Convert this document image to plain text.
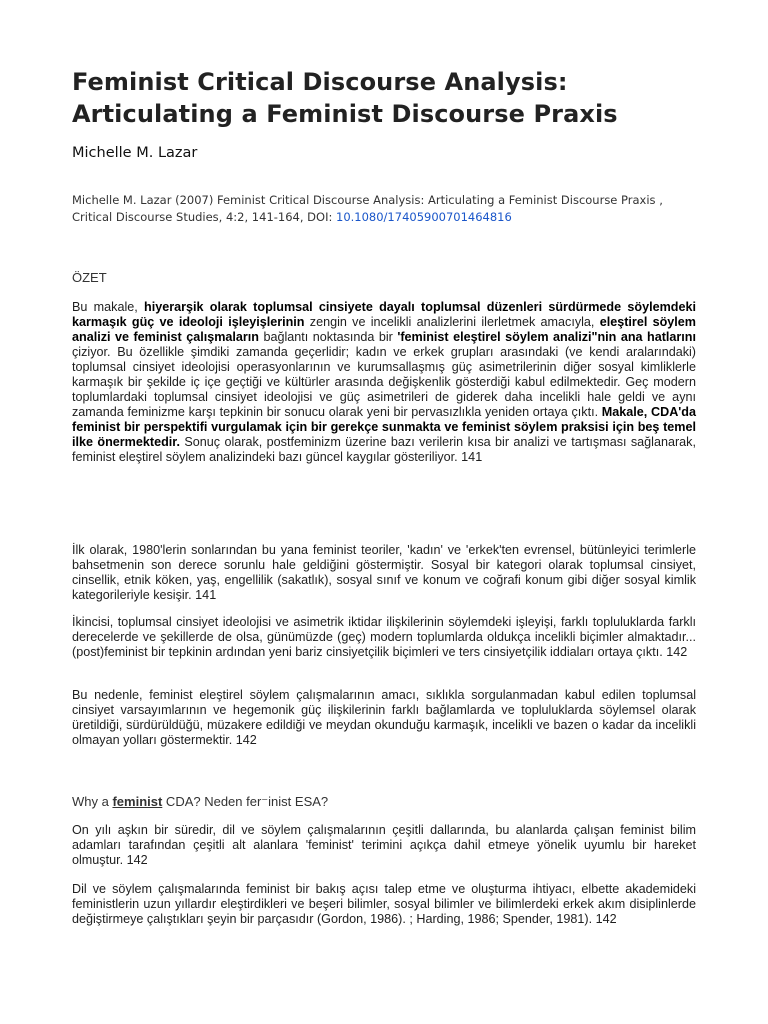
Feminist Critical Discourse Analysis: Articulating a Feminist Discourse Praxis
Michelle M. Lazar
Michelle M. Lazar (2007) Feminist Critical Discourse Analysis: Articulating a Feminist Discourse Praxis , Critical Discourse Studies, 4:2, 141-164, DOI: 10.1080/17405900701464816
ÖZET

Bu makale, hiyerarşik olarak toplumsal cinsiyete dayalı toplumsal düzenleri sürdürmede söylemdeki karmaşık güç ve ideoloji işleyişlerinin zengin ve incelikli analizlerini ilerletmek amacıyla, eleştirel söylem analizi ve feminist çalışmaların bağlantı noktasında bir 'feminist eleştirel söylem analizi"nin ana hatlarını çiziyor. Bu özellikle şimdiki zamanda geçerlidir; kadın ve erkek grupları arasındaki (ve kendi aralarındaki) toplumsal cinsiyet ideolojisi operasyonlarının ve kurumsallaşmış güç asimetrilerinin diğer sosyal kimliklerle karmaşık bir şekilde iç içe geçtiği ve kültürler arasında değişkenlik gösterdiği kabul edilmektedir. Geç modern toplumlardaki toplumsal cinsiyet ideolojisi ve güç asimetrileri de giderek daha incelikli hale geldi ve aynı zamanda feminizme karşı tepkinin bir sonucu olarak yeni bir pervasızlıkla yeniden ortaya çıktı. Makale, CDA'da feminist bir perspektifi vurgulamak için bir gerekçe sunmakta ve feminist söylem praksisi için beş temel ilke önermektedir. Sonuç olarak, postfeminizm üzerine bazı verilerin kısa bir analizi ve tartışması sağlanarak, feminist eleştirel söylem analizindeki bazı güncel kaygılar gösteriliyor. 141

İlk olarak, 1980'lerin sonlarından bu yana feminist teoriler, 'kadın' ve 'erkek'ten evrensel, bütünleyici terimlerle bahsetmenin son derece sorunlu hale geldiğini göstermiştir. Sosyal bir kategori olarak toplumsal cinsiyet, cinsellik, etnik köken, yaş, engellilik (sakatlık), sosyal sınıf ve konum ve coğrafi konum gibi diğer sosyal kimlik kategorileriyle kesişir. 141

İkincisi, toplumsal cinsiyet ideolojisi ve asimetrik iktidar ilişkilerinin söylemdeki işleyişi, farklı topluluklarda farklı derecelerde ve şekillerde de olsa, günümüzde (geç) modern toplumlarda oldukça incelikli biçimler almaktadır... (post)feminist bir tepkinin ardından yeni bariz cinsiyetçilik biçimleri ve ters cinsiyetçilik iddiaları ortaya çıktı. 142

Bu nedenle, feminist eleştirel söylem çalışmalarının amacı, sıklıkla sorgulanmadan kabul edilen toplumsal cinsiyet varsayımlarının ve hegemonik güç ilişkilerinin farklı bağlamlarda ve topluluklarda söylemsel olarak üretildiği, sürdürüldüğü, müzakere edildiği ve meydan okunduğu karmaşık, incelikli ve bazen o kadar da incelikli olmayan yolları göstermektir. 142

Why a feminist CDA? Neden fer⁻inist ESA?

On yılı aşkın bir süredir, dil ve söylem çalışmalarının çeşitli dallarında, bu alanlarda çalışan feminist bilim adamları tarafından çeşitli alt alanlara 'feminist' terimini açıkça dahil etmeye yönelik uyumlu bir hareket olmuştur. 142

Dil ve söylem çalışmalarında feminist bir bakış açısı talep etme ve oluşturma ihtiyacı, elbette akademideki feministlerin uzun yıllardır eleştirdikleri ve beşeri bilimler, sosyal bilimler ve bilimlerdeki erkek akım disiplinlerde değiştirmeye çalıştıkları şeyin bir parçasıdır (Gordon, 1986). ; Harding, 1986; Spender, 1981). 142
